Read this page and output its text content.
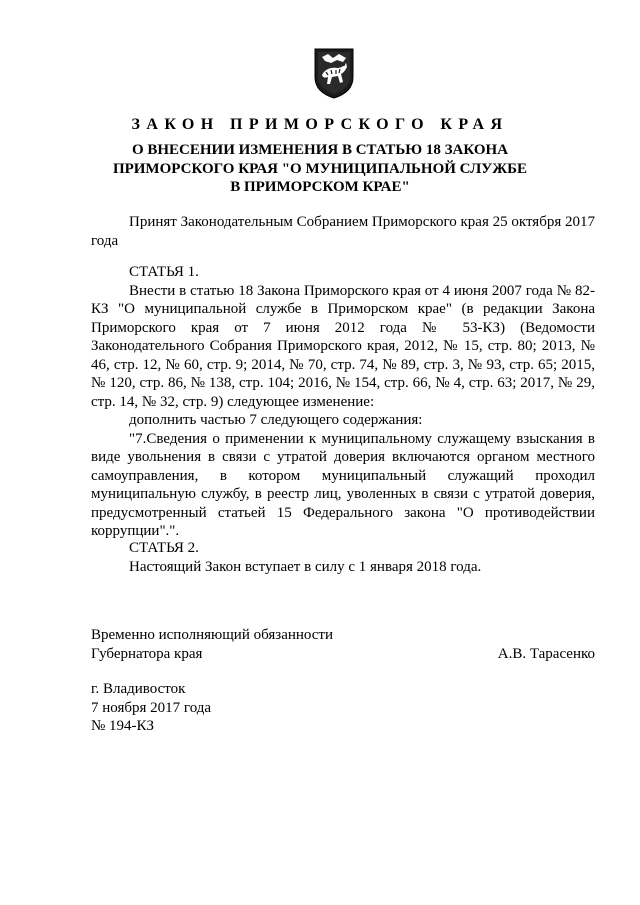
ЗАКОН ПРИМОРСКОГО КРАЯ
О ВНЕСЕНИИ ИЗМЕНЕНИЯ В СТАТЬЮ 18 ЗАКОНА
ПРИМОРСКОГО КРАЯ "О МУНИЦИПАЛЬНОЙ СЛУЖБЕ
В ПРИМОРСКОМ КРАЕ"

Принят Законодательным Собранием Приморского края 25 октября 2017 года

СТАТЬЯ 1.

Внести в статью 18 Закона Приморского края от 4 июня 2007 года № 82-КЗ "О муниципальной службе в Приморском крае" (в редакции Закона Приморского края от 7 июня 2012 года № 53-КЗ) (Ведомости Законодательного Собрания Приморского края, 2012, № 15, стр. 80; 2013, № 46, стр. 12, № 60, стр. 9; 2014, № 70, стр. 74, № 89, стр. 3, № 93, стр. 65; 2015, № 120, стр. 86, № 138, стр. 104; 2016, № 154, стр. 66, № 4, стр. 63; 2017, № 29, стр. 14, № 32, стр. 9) следующее изменение:

дополнить частью 7 следующего содержания:

"7.Сведения о применении к муниципальному служащему взыскания в виде увольнения в связи с утратой доверия включаются органом местного самоуправления, в котором муниципальный служащий проходил муниципальную службу, в реестр лиц, уволенных в связи с утратой доверия, предусмотренный статьей 15 Федерального закона "О противодействии коррупции".".

СТАТЬЯ 2.

Настоящий Закон вступает в силу с 1 января 2018 года.

Временно исполняющий обязанности
Губернатора края	А.В. Тарасенко
г. Владивосток
7 ноября 2017 года
№ 194-КЗ
